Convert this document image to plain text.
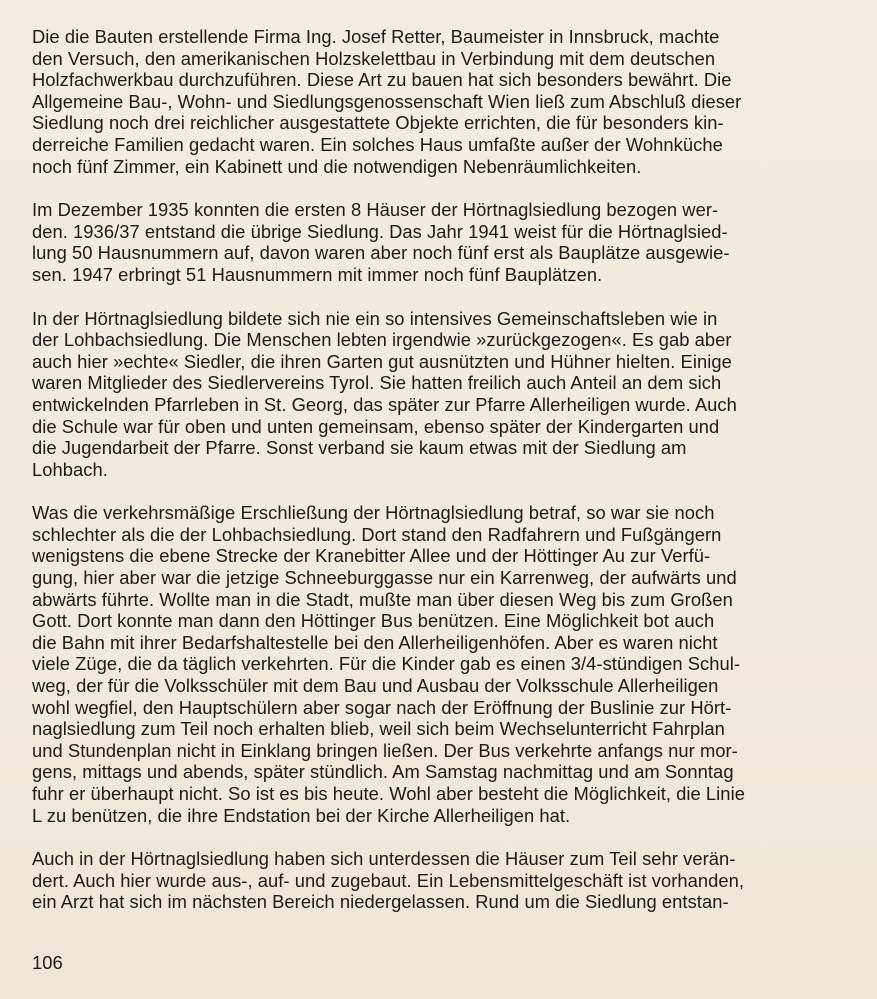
Die die Bauten erstellende Firma Ing. Josef Retter, Baumeister in Innsbruck, machte
den Versuch, den amerikanischen Holzskelettbau in Verbindung mit dem deutschen
Holzfachwerkbau durchzuführen. Diese Art zu bauen hat sich besonders bewährt. Die
Allgemeine Bau-, Wohn- und Siedlungsgenossenschaft Wien ließ zum Abschluß dieser
Siedlung noch drei reichlicher ausgestattete Objekte errichten, die für besonders kin-
derreiche Familien gedacht waren. Ein solches Haus umfaßte außer der Wohnküche
noch fünf Zimmer, ein Kabinett und die notwendigen Nebenräumlichkeiten.
Im Dezember 1935 konnten die ersten 8 Häuser der Hörtnaglsiedlung bezogen wer-
den. 1936/37 entstand die übrige Siedlung. Das Jahr 1941 weist für die Hörtnaglsied-
lung 50 Hausnummern auf, davon waren aber noch fünf erst als Bauplätze ausgewie-
sen. 1947 erbringt 51 Hausnummern mit immer noch fünf Bauplätzen.
In der Hörtnaglsiedlung bildete sich nie ein so intensives Gemeinschaftsleben wie in
der Lohbachsiedlung. Die Menschen lebten irgendwie »zurückgezogen«. Es gab aber
auch hier »echte« Siedler, die ihren Garten gut ausnützten und Hühner hielten. Einige
waren Mitglieder des Siedlervereins Tyrol. Sie hatten freilich auch Anteil an dem sich
entwickelnden Pfarrleben in St. Georg, das später zur Pfarre Allerheiligen wurde. Auch
die Schule war für oben und unten gemeinsam, ebenso später der Kindergarten und
die Jugendarbeit der Pfarre. Sonst verband sie kaum etwas mit der Siedlung am
Lohbach.
Was die verkehrsmäßige Erschließung der Hörtnaglsiedlung betraf, so war sie noch
schlechter als die der Lohbachsiedlung. Dort stand den Radfahrern und Fußgängern
wenigstens die ebene Strecke der Kranebitter Allee und der Höttinger Au zur Verfü-
gung, hier aber war die jetzige Schneeburggasse nur ein Karrenweg, der aufwärts und
abwärts führte. Wollte man in die Stadt, mußte man über diesen Weg bis zum Großen
Gott. Dort konnte man dann den Höttinger Bus benützen. Eine Möglichkeit bot auch
die Bahn mit ihrer Bedarfshaltestelle bei den Allerheiligenhöfen. Aber es waren nicht
viele Züge, die da täglich verkehrten. Für die Kinder gab es einen 3/4-stündigen Schul-
weg, der für die Volksschüler mit dem Bau und Ausbau der Volksschule Allerheiligen
wohl wegfiel, den Hauptschülern aber sogar nach der Eröffnung der Buslinie zur Hört-
naglsiedlung zum Teil noch erhalten blieb, weil sich beim Wechselunterricht Fahrplan
und Stundenplan nicht in Einklang bringen ließen. Der Bus verkehrte anfangs nur mor-
gens, mittags und abends, später stündlich. Am Samstag nachmittag und am Sonntag
fuhr er überhaupt nicht. So ist es bis heute. Wohl aber besteht die Möglichkeit, die Linie
L zu benützen, die ihre Endstation bei der Kirche Allerheiligen hat.
Auch in der Hörtnaglsiedlung haben sich unterdessen die Häuser zum Teil sehr verän-
dert. Auch hier wurde aus-, auf- und zugebaut. Ein Lebensmittelgeschäft ist vorhanden,
ein Arzt hat sich im nächsten Bereich niedergelassen. Rund um die Siedlung entstan-
106
